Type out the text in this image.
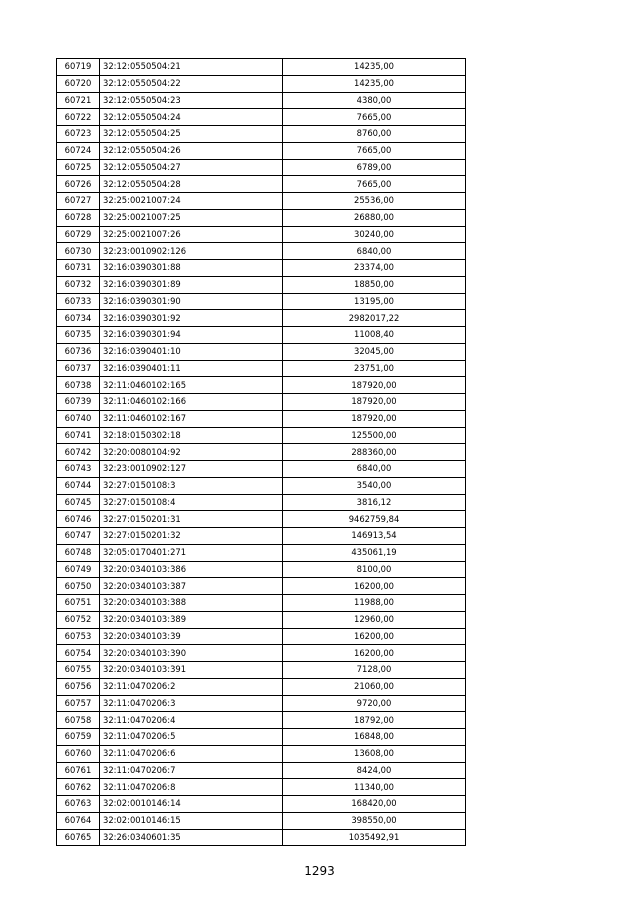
60719	32:12:0550504:21	14235,00
60720	32:12:0550504:22	14235,00
60721	32:12:0550504:23	4380,00
60722	32:12:0550504:24	7665,00
60723	32:12:0550504:25	8760,00
60724	32:12:0550504:26	7665,00
60725	32:12:0550504:27	6789,00
60726	32:12:0550504:28	7665,00
60727	32:25:0021007:24	25536,00
60728	32:25:0021007:25	26880,00
60729	32:25:0021007:26	30240,00
60730	32:23:0010902:126	6840,00
60731	32:16:0390301:88	23374,00
60732	32:16:0390301:89	18850,00
60733	32:16:0390301:90	13195,00
60734	32:16:0390301:92	2982017,22
60735	32:16:0390301:94	11008,40
60736	32:16:0390401:10	32045,00
60737	32:16:0390401:11	23751,00
60738	32:11:0460102:165	187920,00
60739	32:11:0460102:166	187920,00
60740	32:11:0460102:167	187920,00
60741	32:18:0150302:18	125500,00
60742	32:20:0080104:92	288360,00
60743	32:23:0010902:127	6840,00
60744	32:27:0150108:3	3540,00
60745	32:27:0150108:4	3816,12
60746	32:27:0150201:31	9462759,84
60747	32:27:0150201:32	146913,54
60748	32:05:0170401:271	435061,19
60749	32:20:0340103:386	8100,00
60750	32:20:0340103:387	16200,00
60751	32:20:0340103:388	11988,00
60752	32:20:0340103:389	12960,00
60753	32:20:0340103:39	16200,00
60754	32:20:0340103:390	16200,00
60755	32:20:0340103:391	7128,00
60756	32:11:0470206:2	21060,00
60757	32:11:0470206:3	9720,00
60758	32:11:0470206:4	18792,00
60759	32:11:0470206:5	16848,00
60760	32:11:0470206:6	13608,00
60761	32:11:0470206:7	8424,00
60762	32:11:0470206:8	11340,00
60763	32:02:0010146:14	168420,00
60764	32:02:0010146:15	398550,00
60765	32:26:0340601:35	1035492,91
1293
